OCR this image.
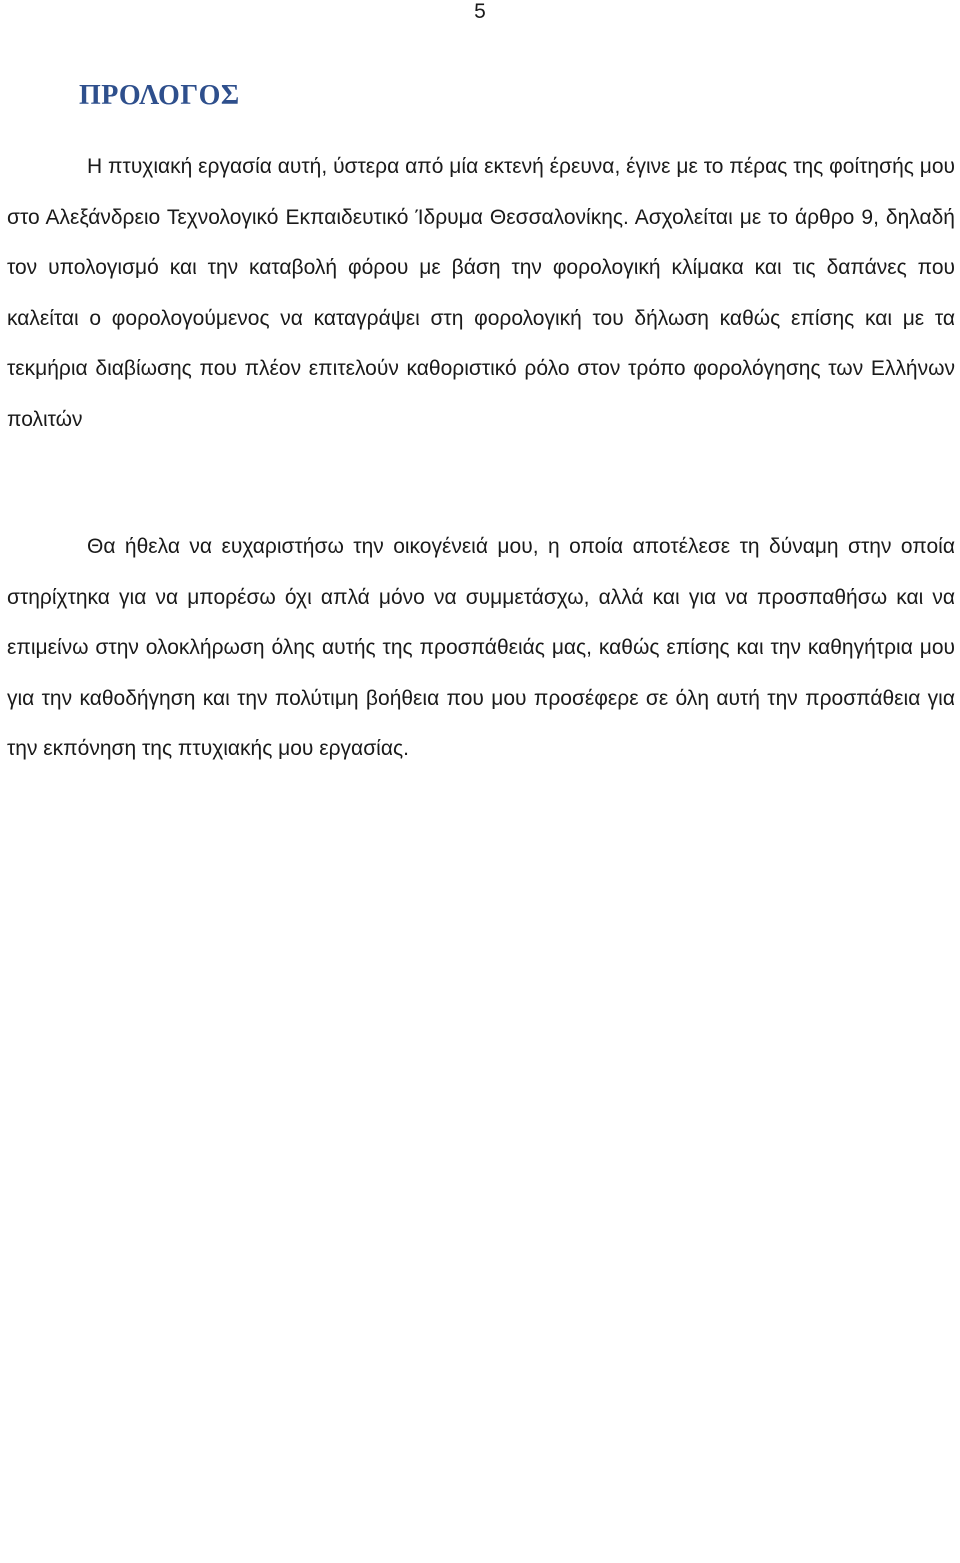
5
ΠΡΟΛΟΓΟΣ

Η πτυχιακή εργασία αυτή, ύστερα από μία εκτενή έρευνα, έγινε με το πέρας της φοίτησής μου στο Αλεξάνδρειο Τεχνολογικό Εκπαιδευτικό Ίδρυμα Θεσσαλονίκης. Ασχολείται με το άρθρο 9, δηλαδή τον υπολογισμό και την καταβολή φόρου με βάση την φορολογική κλίμακα και τις δαπάνες που καλείται ο φορολογούμενος να καταγράψει στη φορολογική του δήλωση καθώς επίσης και με τα τεκμήρια διαβίωσης που πλέον επιτελούν καθοριστικό ρόλο στον τρόπο φορολόγησης των Ελλήνων πολιτών

Θα ήθελα να ευχαριστήσω την οικογένειά μου, η οποία αποτέλεσε τη δύναμη στην οποία στηρίχτηκα για να μπορέσω όχι απλά μόνο να συμμετάσχω, αλλά και για να προσπαθήσω και να επιμείνω στην ολοκλήρωση όλης αυτής της προσπάθειάς μας, καθώς επίσης και την καθηγήτρια μου για την καθοδήγηση και την πολύτιμη βοήθεια που μου προσέφερε σε όλη αυτή την προσπάθεια για την εκπόνηση της πτυχιακής μου εργασίας.
